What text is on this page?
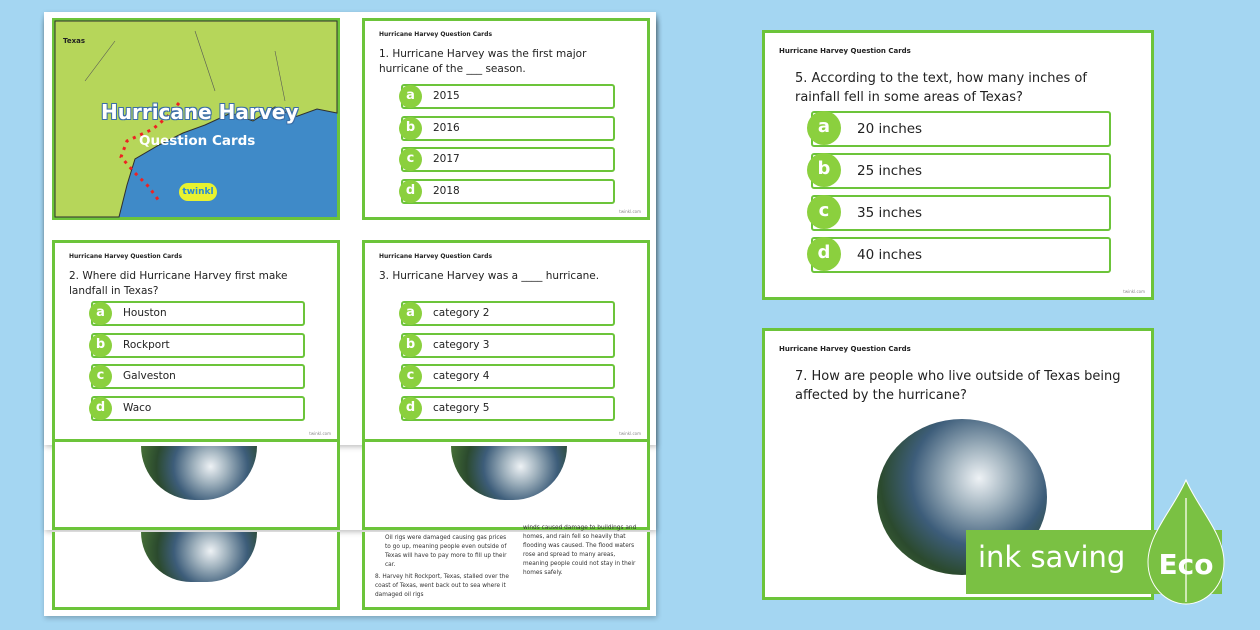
Oil rigs were damaged causing gas prices to go up, meaning people even outside of Texas will have to pay more to fill up their car.
8. Harvey hit Rockport, Texas, stalled over the coast of Texas, went back out to sea where it damaged oil rigs
winds caused damage to buildings and homes, and rain fell so heavily that flooding was caused. The flood waters rose and spread to many areas, meaning people could not stay in their homes safely.
Texas
Hurricane Harvey
Question Cards
twinkl
Hurricane Harvey Question Cards
1. Hurricane Harvey was the first major hurricane of the ___ season.
a	2015
b	2016
c	2017
d	2018
twinkl.com
Hurricane Harvey Question Cards
2. Where did Hurricane Harvey first make landfall in Texas?
a	Houston
b	Rockport
c	Galveston
d	Waco
twinkl.com
Hurricane Harvey Question Cards
3. Hurricane Harvey was a ____ hurricane.
a	category 2
b	category 3
c	category 4
d	category 5
twinkl.com
Hurricane Harvey Question Cards
5. According to the text, how many inches of rainfall fell in some areas of Texas?
a	20 inches
b	25 inches
c	35 inches
d	40 inches
twinkl.com
Hurricane Harvey Question Cards
7. How are people who live outside of Texas being affected by the hurricane?
ink saving	Eco
